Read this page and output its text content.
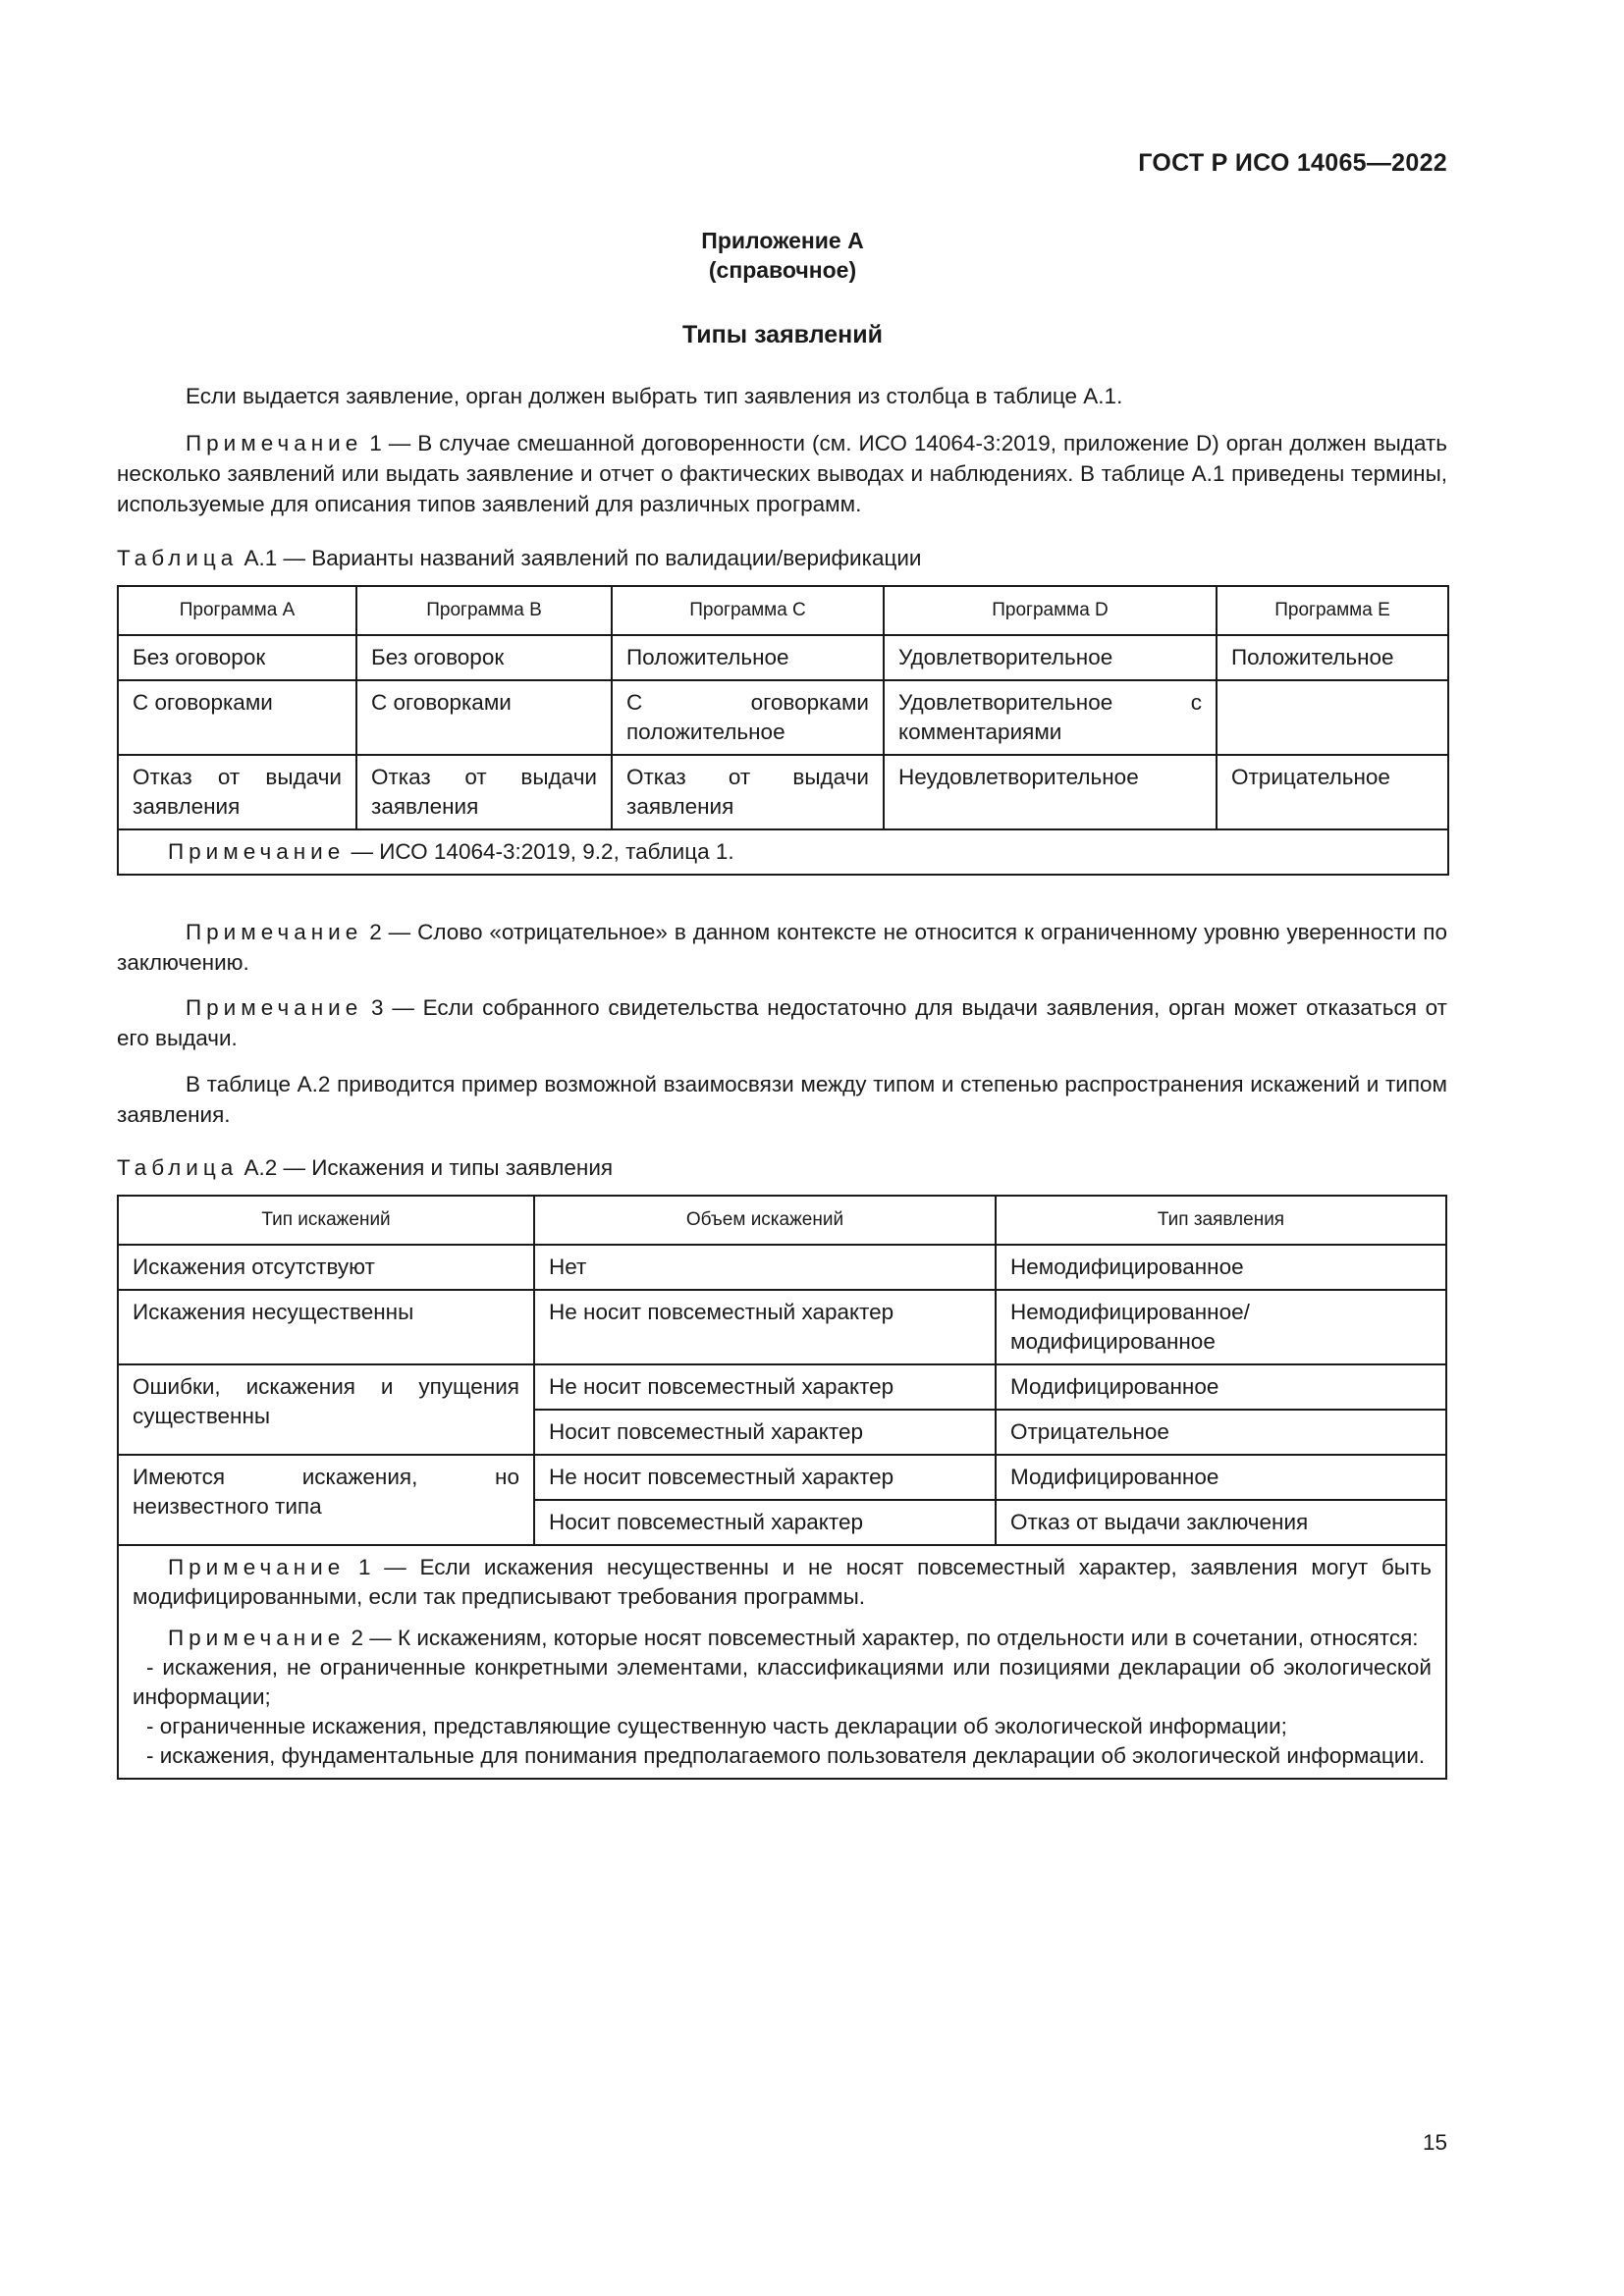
ГОСТ Р ИСО 14065—2022
Приложение А
(справочное)
Типы заявлений

Если выдается заявление, орган должен выбрать тип заявления из столбца в таблице А.1.

Примечание 1 — В случае смешанной договоренности (см. ИСО 14064-3:2019, приложение D) орган должен выдать несколько заявлений или выдать заявление и отчет о фактических выводах и наблюдениях. В таблице А.1 приведены термины, используемые для описания типов заявлений для различных программ.

Таблица А.1 — Варианты названий заявлений по валидации/верификации
Программа А	Программа В	Программа С	Программа D	Программа Е
Без оговорок	Без оговорок	Положительное	Удовлетворительное	Положительное
С оговорками	С оговорками	С оговорками положительное	Удовлетворительное с комментариями	
Отказ от выдачи заявления	Отказ от выдачи заявления	Отказ от выдачи заявления	Неудовлетворительное	Отрицательное

Примечание — ИСО 14064-3:2019, 9.2, таблица 1.				

Примечание 2 — Слово «отрицательное» в данном контексте не относится к ограниченному уровню уверенности по заключению.

Примечание 3 — Если собранного свидетельства недостаточно для выдачи заявления, орган может отказаться от его выдачи.

В таблице А.2 приводится пример возможной взаимосвязи между типом и степенью распространения искажений и типом заявления.

Таблица А.2 — Искажения и типы заявления
Тип искажений	Объем искажений	Тип заявления
Искажения отсутствуют	Нет	Немодифицированное
Искажения несущественны	Не носит повсеместный характер	Немодифицированное/модифицированное
Ошибки, искажения и упущения существенны	Не носит повсеместный характер	Модифицированное
	Носит повсеместный характер	Отрицательное
Имеются искажения, но неизвестного типа	Не носит повсеместный характер	Модифицированное
	Носит повсеместный характер	Отказ от выдачи заключения

Примечание 1 — Если искажения несущественны и не носят повсеместный характер, заявления могут быть модифицированными, если так предписывают требования программы.

Примечание 2 — К искажениям, которые носят повсеместный характер, по отдельности или в сочетании, относятся:

- искажения, не ограниченные конкретными элементами, классификациями или позициями декларации об экологической информации;

- ограниченные искажения, представляющие существенную часть декларации об экологической информации;

- искажения, фундаментальные для понимания предполагаемого пользователя декларации об экологической информации.		

15
